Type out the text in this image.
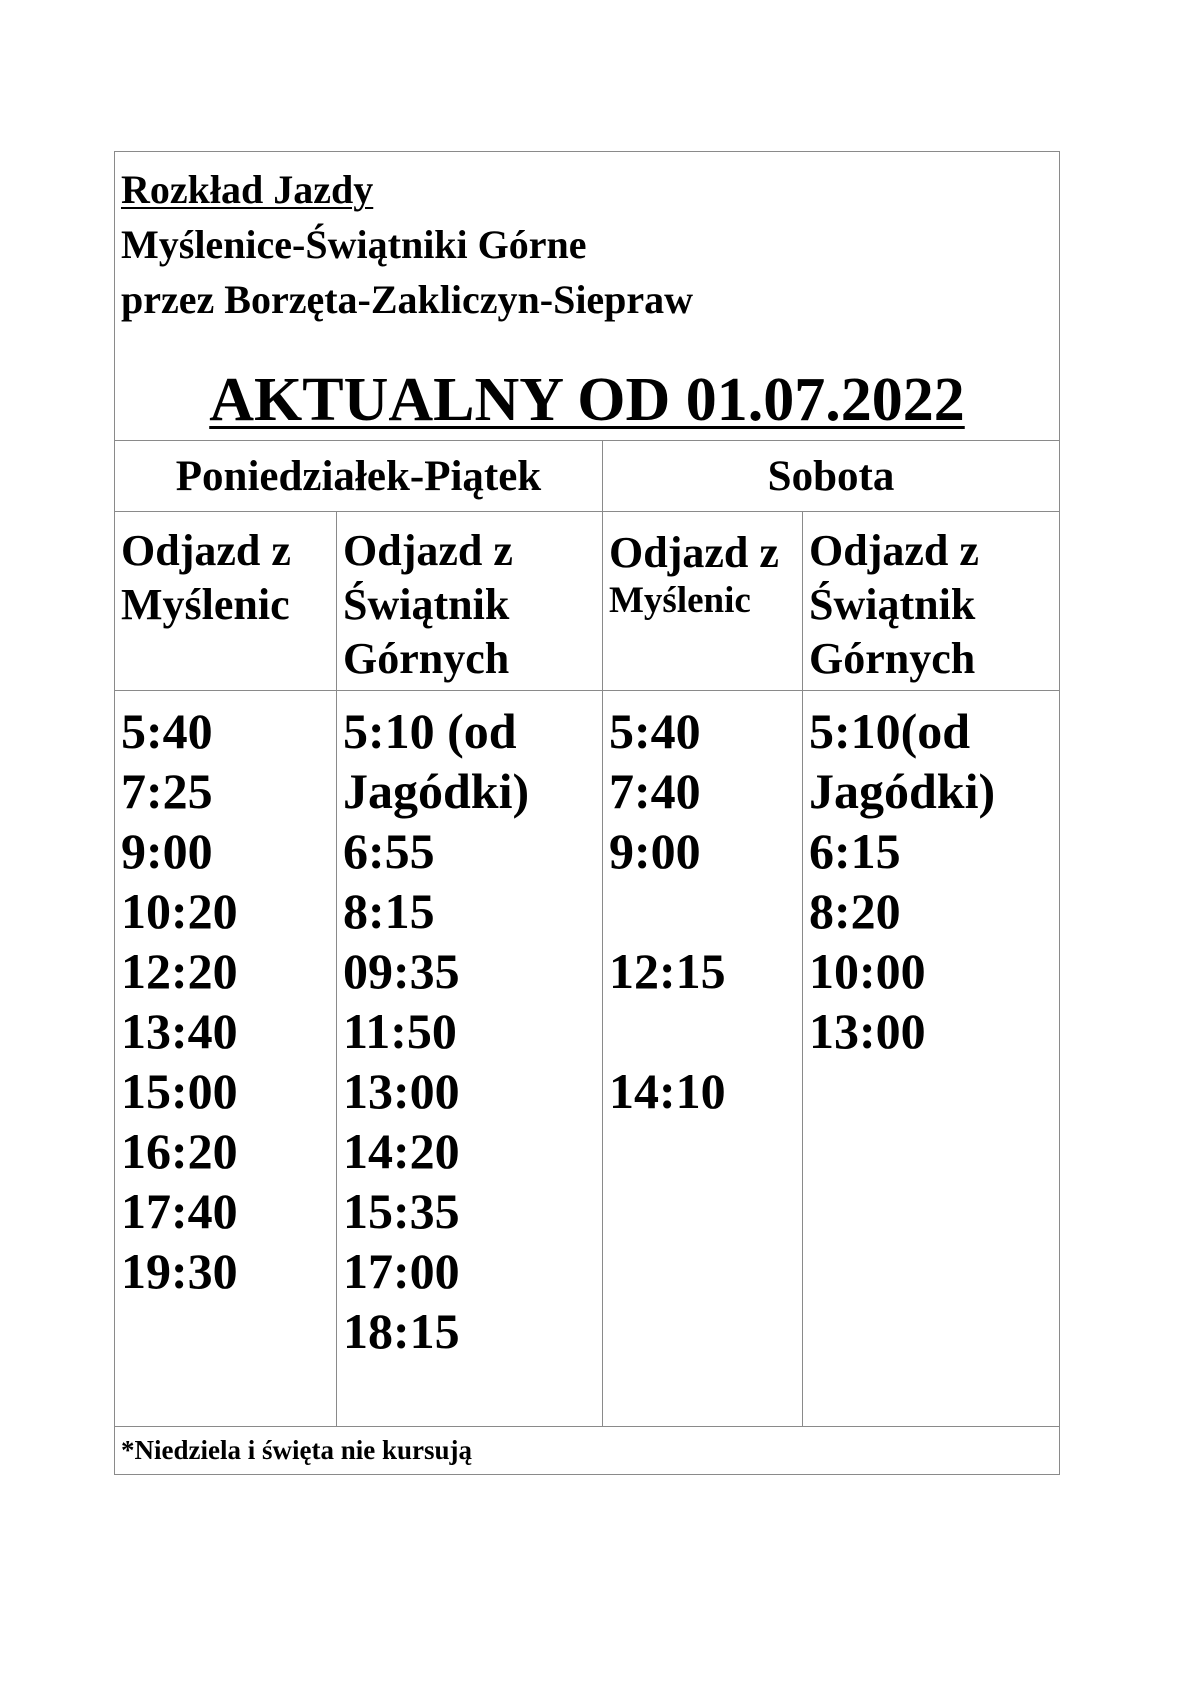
Rozkład Jazdy
Myślenice-Świątniki Górne
przez Borzęta-Zakliczyn-Siepraw
AKTUALNY OD 01.07.2022
Poniedziałek-Piątek	Sobota
Odjazd z
Myślenic
5:40
7:25
9:00
10:20
12:20
13:40
15:00
16:20
17:40
19:30
Odjazd z
Świątnik
Górnych
5:10 (od
Jagódki)
6:55
8:15
09:35
11:50
13:00
14:20
15:35
17:00
18:15
Odjazd z
Myślenic
5:40
7:40
9:00
12:15
14:10
Odjazd z
Świątnik
Górnych
5:10(od
Jagódki)
6:15
8:20
10:00
13:00
*Niedziela i święta nie kursują
